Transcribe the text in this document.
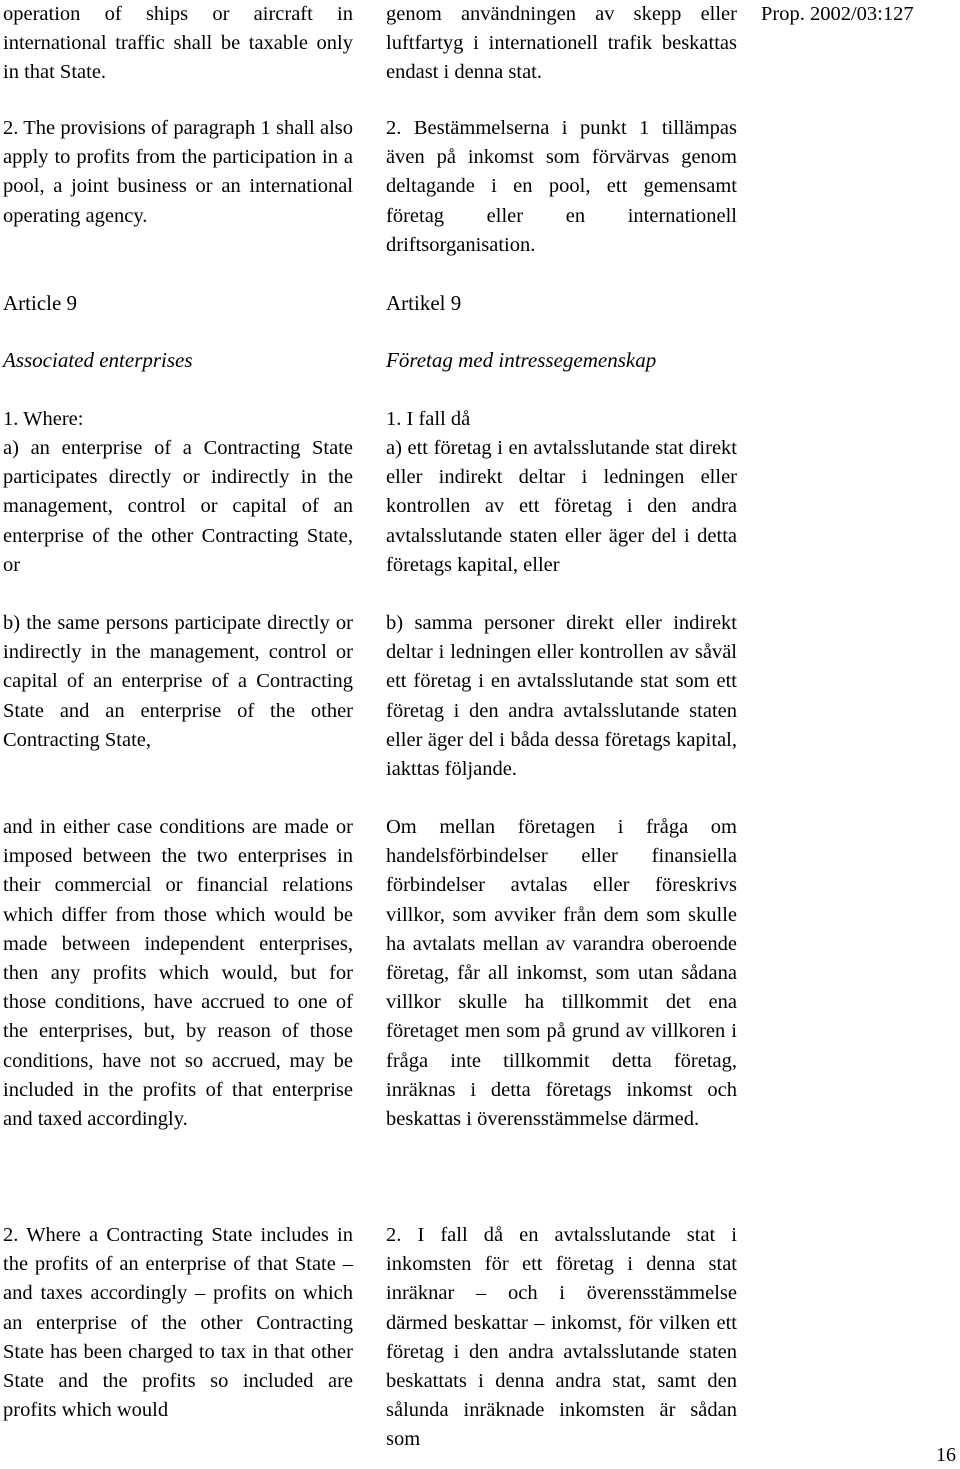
Prop. 2002/03:127

operation of ships or aircraft in international traffic shall be taxable only in that State.

2. The provisions of paragraph 1 shall also apply to profits from the participation in a pool, a joint business or an international operating agency.

Article 9

Associated enterprises

1. Where:

a) an enterprise of a Contracting State participates directly or indirectly in the management, control or capital of an enterprise of the other Contracting State, or

b) the same persons participate directly or indirectly in the management, control or capital of an enterprise of a Contracting State and an enterprise of the other Contracting State,

and in either case conditions are made or imposed between the two enterprises in their commercial or financial relations which differ from those which would be made between independent enterprises, then any profits which would, but for those conditions, have accrued to one of the enterprises, but, by reason of those conditions, have not so accrued, may be included in the profits of that enterprise and taxed accordingly.

2. Where a Contracting State includes in the profits of an enterprise of that State – and taxes accordingly – profits on which an enterprise of the other Contracting State has been charged to tax in that other State and the profits so included are profits which would

genom användningen av skepp eller luftfartyg i internationell trafik beskattas endast i denna stat.

2. Bestämmelserna i punkt 1 tillämpas även på inkomst som förvärvas genom deltagande i en pool, ett gemensamt företag eller en internationell driftsorganisation.

Artikel 9

Företag med intressegemenskap

1. I fall då

a) ett företag i en avtalsslutande stat direkt eller indirekt deltar i ledningen eller kontrollen av ett företag i den andra avtalsslutande staten eller äger del i detta företags kapital, eller

b) samma personer direkt eller indirekt deltar i ledningen eller kontrollen av såväl ett företag i en avtalsslutande stat som ett företag i den andra avtalsslutande staten eller äger del i båda dessa företags kapital, iakttas följande.

Om mellan företagen i fråga om handelsförbindelser eller finansiella förbindelser avtalas eller föreskrivs villkor, som avviker från dem som skulle ha avtalats mellan av varandra oberoende företag, får all inkomst, som utan sådana villkor skulle ha tillkommit det ena företaget men som på grund av villkoren i fråga inte tillkommit detta företag, inräknas i detta företags inkomst och beskattas i överensstämmelse därmed.

2. I fall då en avtalsslutande stat i inkomsten för ett företag i denna stat inräknar – och i överensstämmelse därmed beskattar – inkomst, för vilken ett företag i den andra avtalsslutande staten beskattats i denna andra stat, samt den sålunda inräknade inkomsten är sådan som

16
